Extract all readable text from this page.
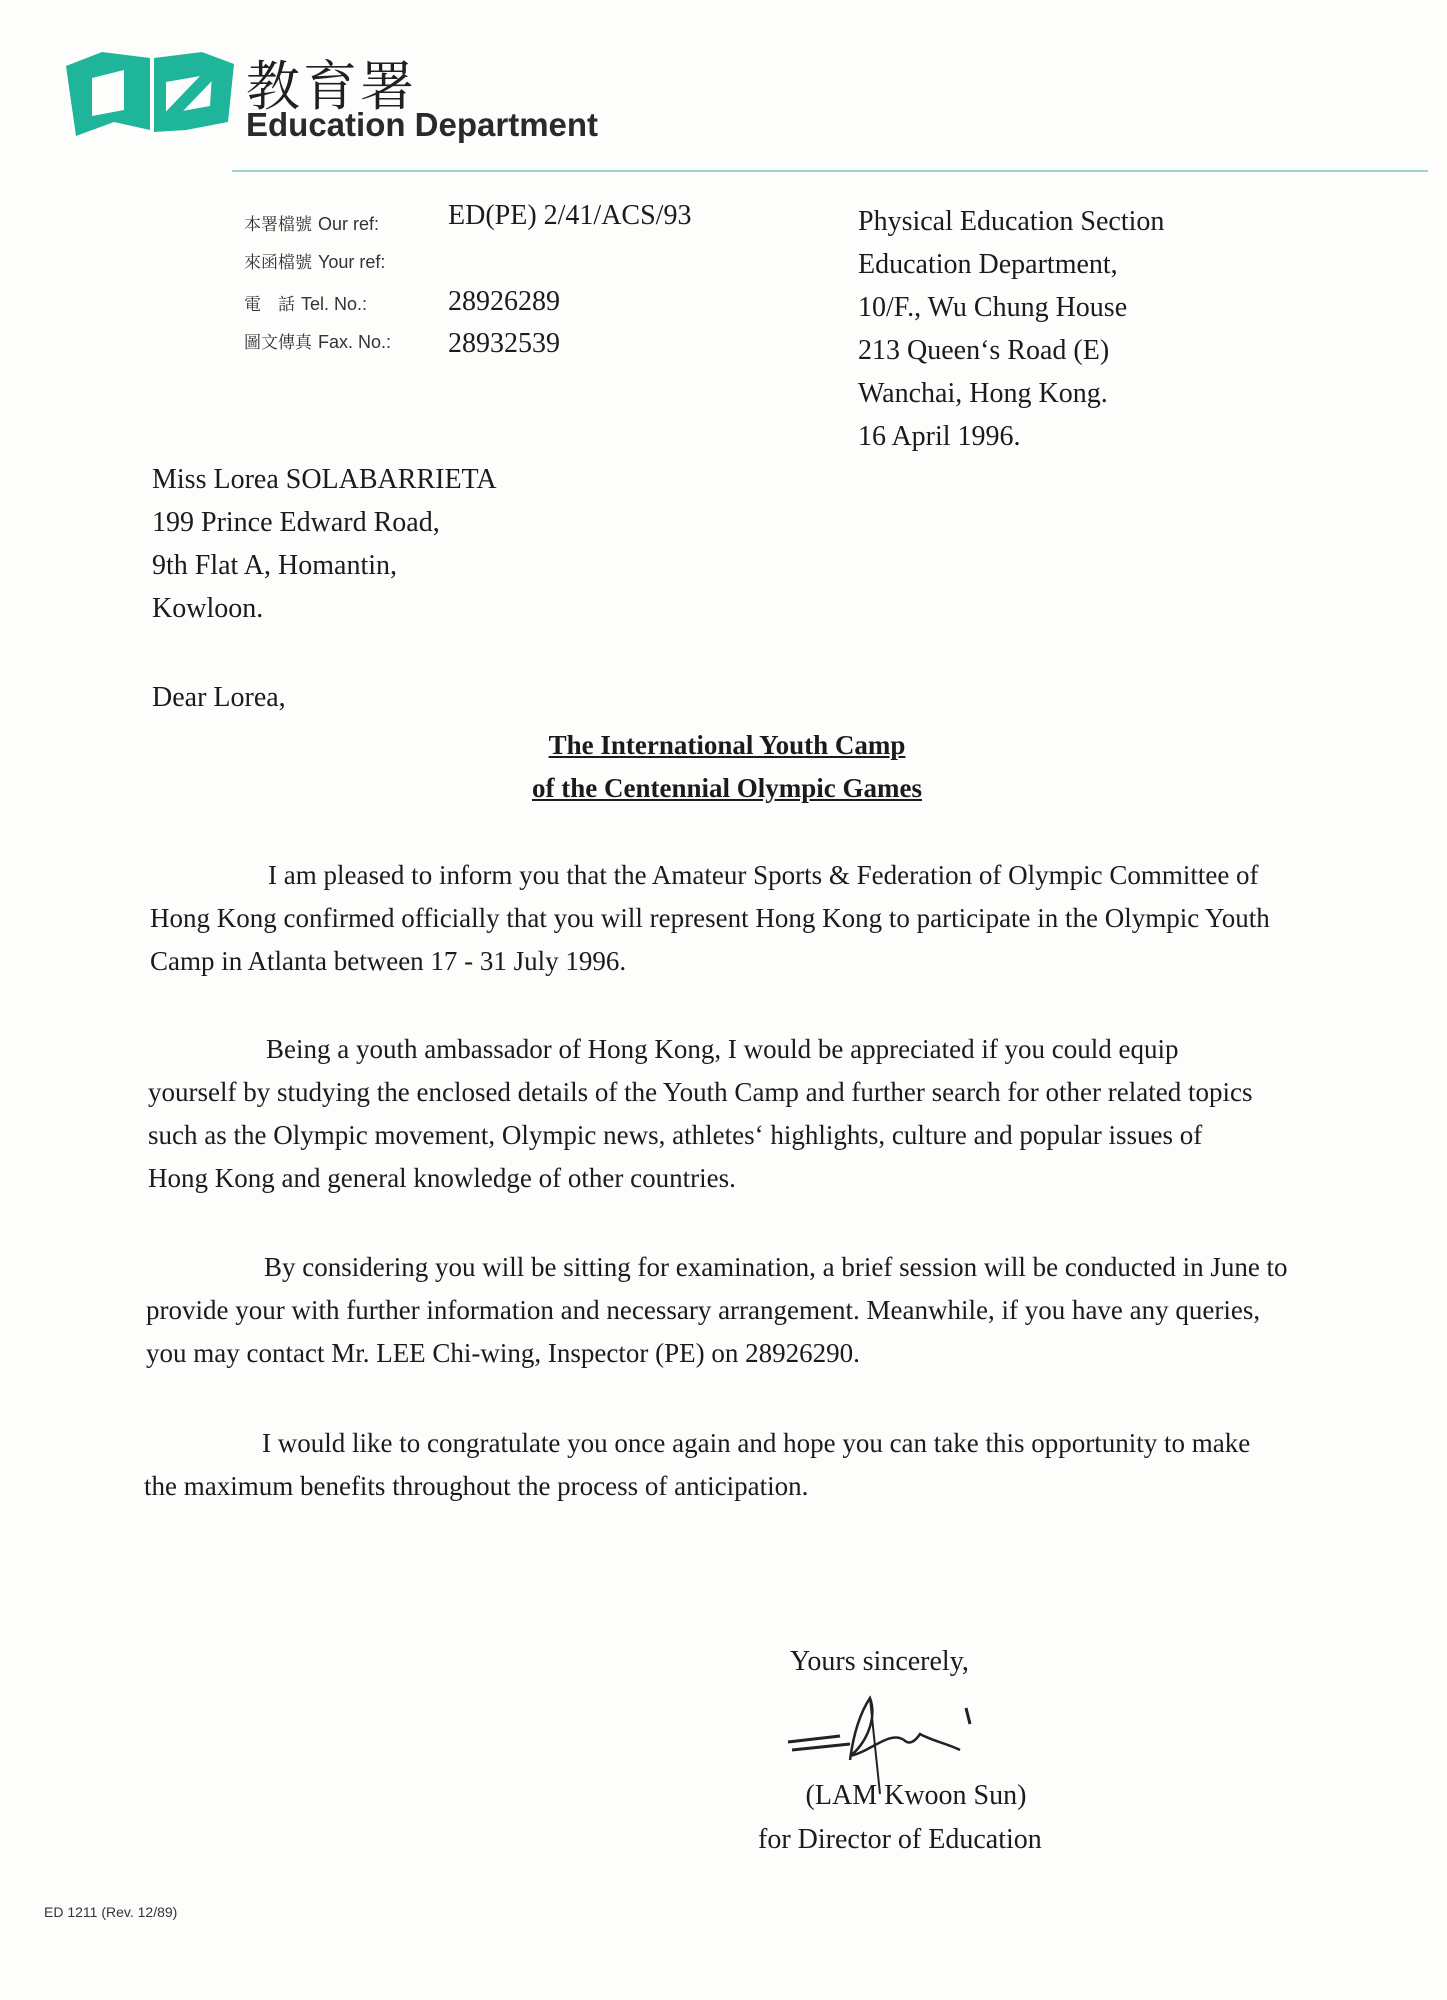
教育署
Education Department
本署檔號 Our ref: ED(PE) 2/41/ACS/93
來函檔號 Your ref:
電　話 Tel. No.:	28926289
圖文傳真 Fax. No.: 28932539
Physical Education Section
Education Department,
10/F., Wu Chung House
213 Queen‘s Road (E)
Wanchai, Hong Kong.
16 April 1996.
Miss Lorea SOLABARRIETA
199 Prince Edward Road,
9th Flat A, Homantin,
Kowloon.
Dear Lorea,
The International Youth Camp
of the Centennial Olympic Games
I am pleased to inform you that the Amateur Sports & Federation of Olympic Committee of Hong Kong confirmed officially that you will represent Hong Kong to participate in the Olympic Youth Camp in Atlanta between 17 - 31 July 1996.
Being a youth ambassador of Hong Kong, I would be appreciated if you could equip yourself by studying the enclosed details of the Youth Camp and further search for other related topics such as the Olympic movement, Olympic news, athletes‘ highlights, culture and popular issues of Hong Kong and general knowledge of other countries.
By considering you will be sitting for examination, a brief session will be conducted in June to provide your with further information and necessary arrangement. Meanwhile, if you have any queries, you may contact Mr. LEE Chi-wing, Inspector (PE) on 28926290.
I would like to congratulate you once again and hope you can take this opportunity to make the maximum benefits throughout the process of anticipation.
Yours sincerely,
(LAM Kwoon Sun)
for Director of Education
ED 1211 (Rev. 12/89)
